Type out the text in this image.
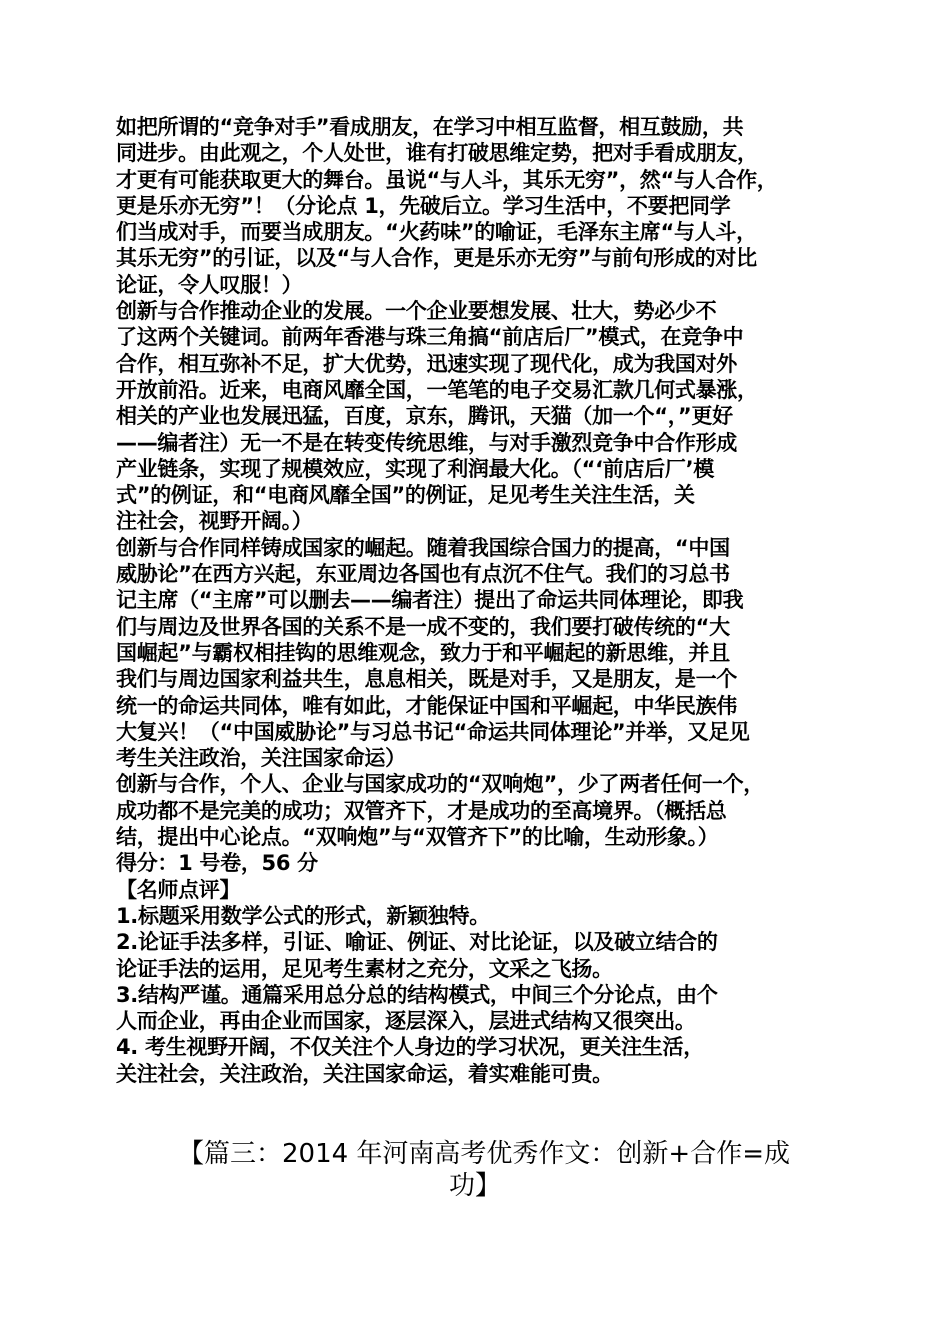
如把所谓的“竞争对手”看成朋友，在学习中相互监督，相互鼓励，共
同进步。由此观之，个人处世，谁有打破思维定势，把对手看成朋友，
才更有可能获取更大的舞台。虽说“与人斗，其乐无穷”，然“与人合作，
更是乐亦无穷”！（分论点 1，先破后立。学习生活中，不要把同学
们当成对手，而要当成朋友。“火药味”的喻证，毛泽东主席“与人斗，
其乐无穷”的引证，以及“与人合作，更是乐亦无穷”与前句形成的对比
论证，令人叹服！）
创新与合作推动企业的发展。一个企业要想发展、壮大，势必少不
了这两个关键词。前两年香港与珠三角搞“前店后厂”模式，在竞争中
合作，相互弥补不足，扩大优势，迅速实现了现代化，成为我国对外
开放前沿。近来，电商风靡全国，一笔笔的电子交易汇款几何式暴涨，
相关的产业也发展迅猛，百度，京东，腾讯，天猫（加一个“，”更好
——编者注）无一不是在转变传统思维，与对手激烈竞争中合作形成
产业链条，实现了规模效应，实现了利润最大化。（“‘前店后厂’模
式”的例证，和“电商风靡全国”的例证，足见考生关注生活，关
注社会，视野开阔。）
创新与合作同样铸成国家的崛起。随着我国综合国力的提高，“中国
威胁论”在西方兴起，东亚周边各国也有点沉不住气。我们的习总书
记主席（“主席”可以删去——编者注）提出了命运共同体理论，即我
们与周边及世界各国的关系不是一成不变的，我们要打破传统的“大
国崛起”与霸权相挂钩的思维观念，致力于和平崛起的新思维，并且
我们与周边国家利益共生，息息相关，既是对手，又是朋友，是一个
统一的命运共同体，唯有如此，才能保证中国和平崛起，中华民族伟
大复兴！（“中国威胁论”与习总书记“命运共同体理论”并举，又足见
考生关注政治，关注国家命运）
创新与合作，个人、企业与国家成功的“双响炮”，少了两者任何一个，
成功都不是完美的成功；双管齐下，才是成功的至高境界。（概括总
结，提出中心论点。“双响炮”与“双管齐下”的比喻，生动形象。）
得分：1 号卷，56 分
【名师点评】
1.标题采用数学公式的形式，新颖独特。
2.论证手法多样，引证、喻证、例证、对比论证，以及破立结合的
论证手法的运用，足见考生素材之充分，文采之飞扬。
3.结构严谨。通篇采用总分总的结构模式，中间三个分论点，由个
人而企业，再由企业而国家，逐层深入，层进式结构又很突出。
4. 考生视野开阔，不仅关注个人身边的学习状况，更关注生活，
关注社会，关注政治，关注国家命运，着实难能可贵。
【篇三：2014 年河南高考优秀作文：创新+合作=成
功】
